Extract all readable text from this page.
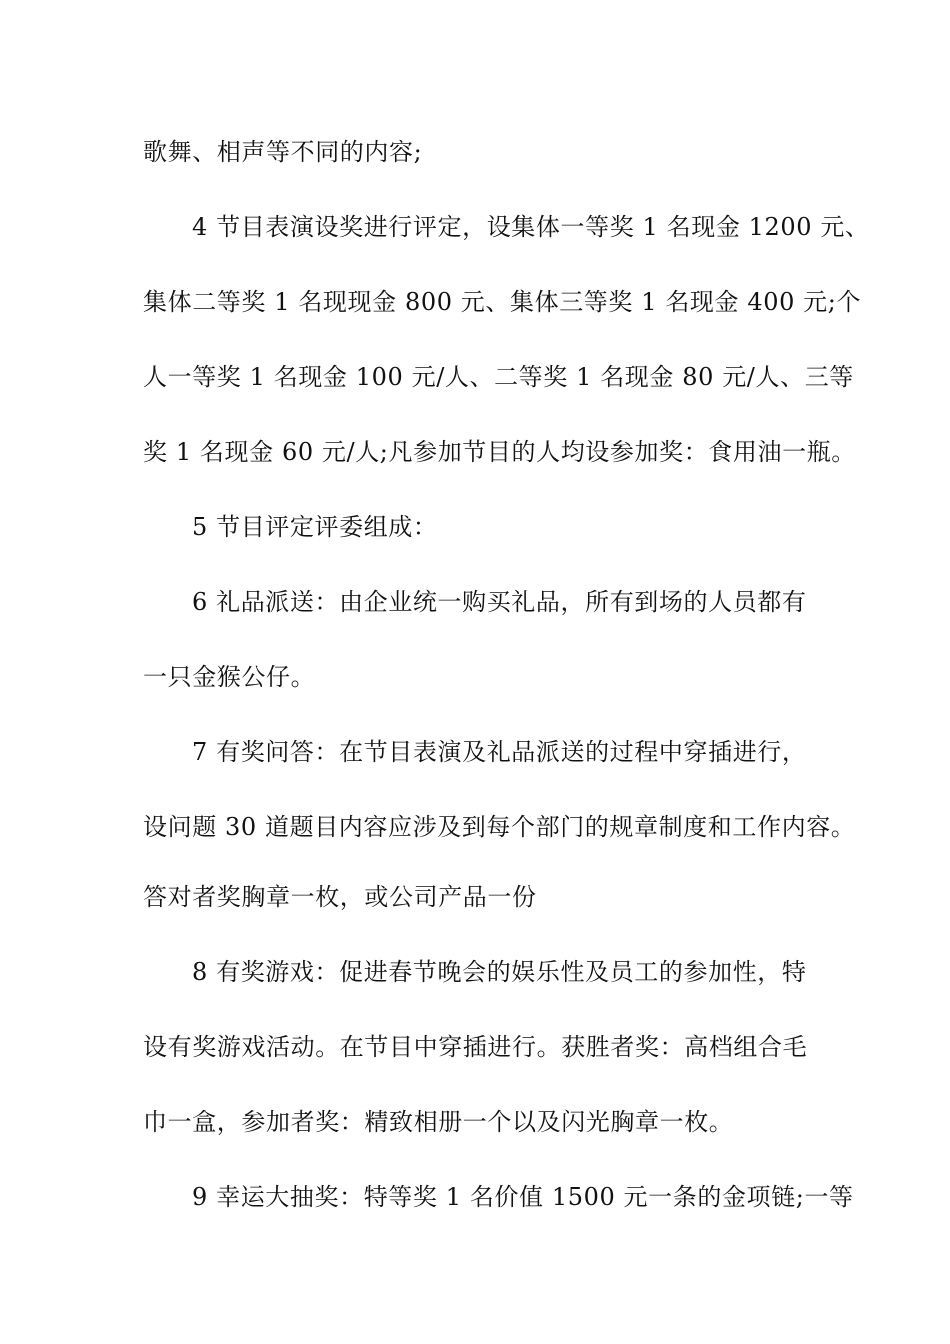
歌舞、相声等不同的内容;
4 节目表演设奖进行评定，设集体一等奖 1 名现金 1200 元、
集体二等奖 1 名现现金 800 元、集体三等奖 1 名现金 400 元;个
人一等奖 1 名现金 100 元/人、二等奖 1 名现金 80 元/人、三等
奖 1 名现金 60 元/人;凡参加节目的人均设参加奖：食用油一瓶。
5 节目评定评委组成：
6 礼品派送：由企业统一购买礼品，所有到场的人员都有
一只金猴公仔。
7 有奖问答：在节目表演及礼品派送的过程中穿插进行，
设问题 30 道题目内容应涉及到每个部门的规章制度和工作内容。
答对者奖胸章一枚，或公司产品一份
8 有奖游戏：促进春节晚会的娱乐性及员工的参加性，特
设有奖游戏活动。在节目中穿插进行。获胜者奖：高档组合毛
巾一盒，参加者奖：精致相册一个以及闪光胸章一枚。
9 幸运大抽奖：特等奖 1 名价值 1500 元一条的金项链;一等
